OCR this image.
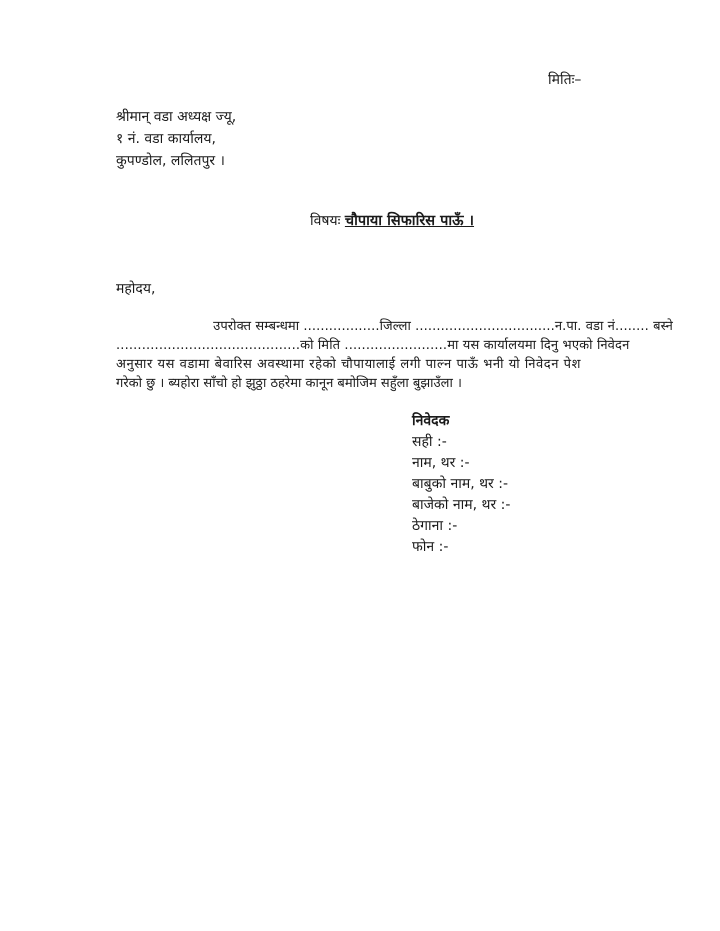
मितिः–
श्रीमान् वडा अध्यक्ष ज्यू,
१ नं. वडा कार्यालय,
कुपण्डोल, ललितपुर ।
विषयः चौपाया सिफारिस पाऊँ ।
महोदय,
उपरोक्त सम्बन्धमा ..................जिल्ला .................................न.पा. वडा नं........ बस्ने
...........................................को मिति ........................मा यस कार्यालयमा दिनु भएको निवेदन
अनुसार यस वडामा बेवारिस अवस्थामा रहेको चौपायालाई लगी पाल्न पाऊँ भनी यो निवेदन पेश
गरेको छु । ब्यहोरा साँचो हो झुठ्ठा ठहरेमा कानून बमोजिम सहुँला बुझाउँला ।
निवेदक
सही :-
नाम, थर :-
बाबुको नाम, थर :-
बाजेको नाम, थर :-
ठेगाना :-
फोन :-
